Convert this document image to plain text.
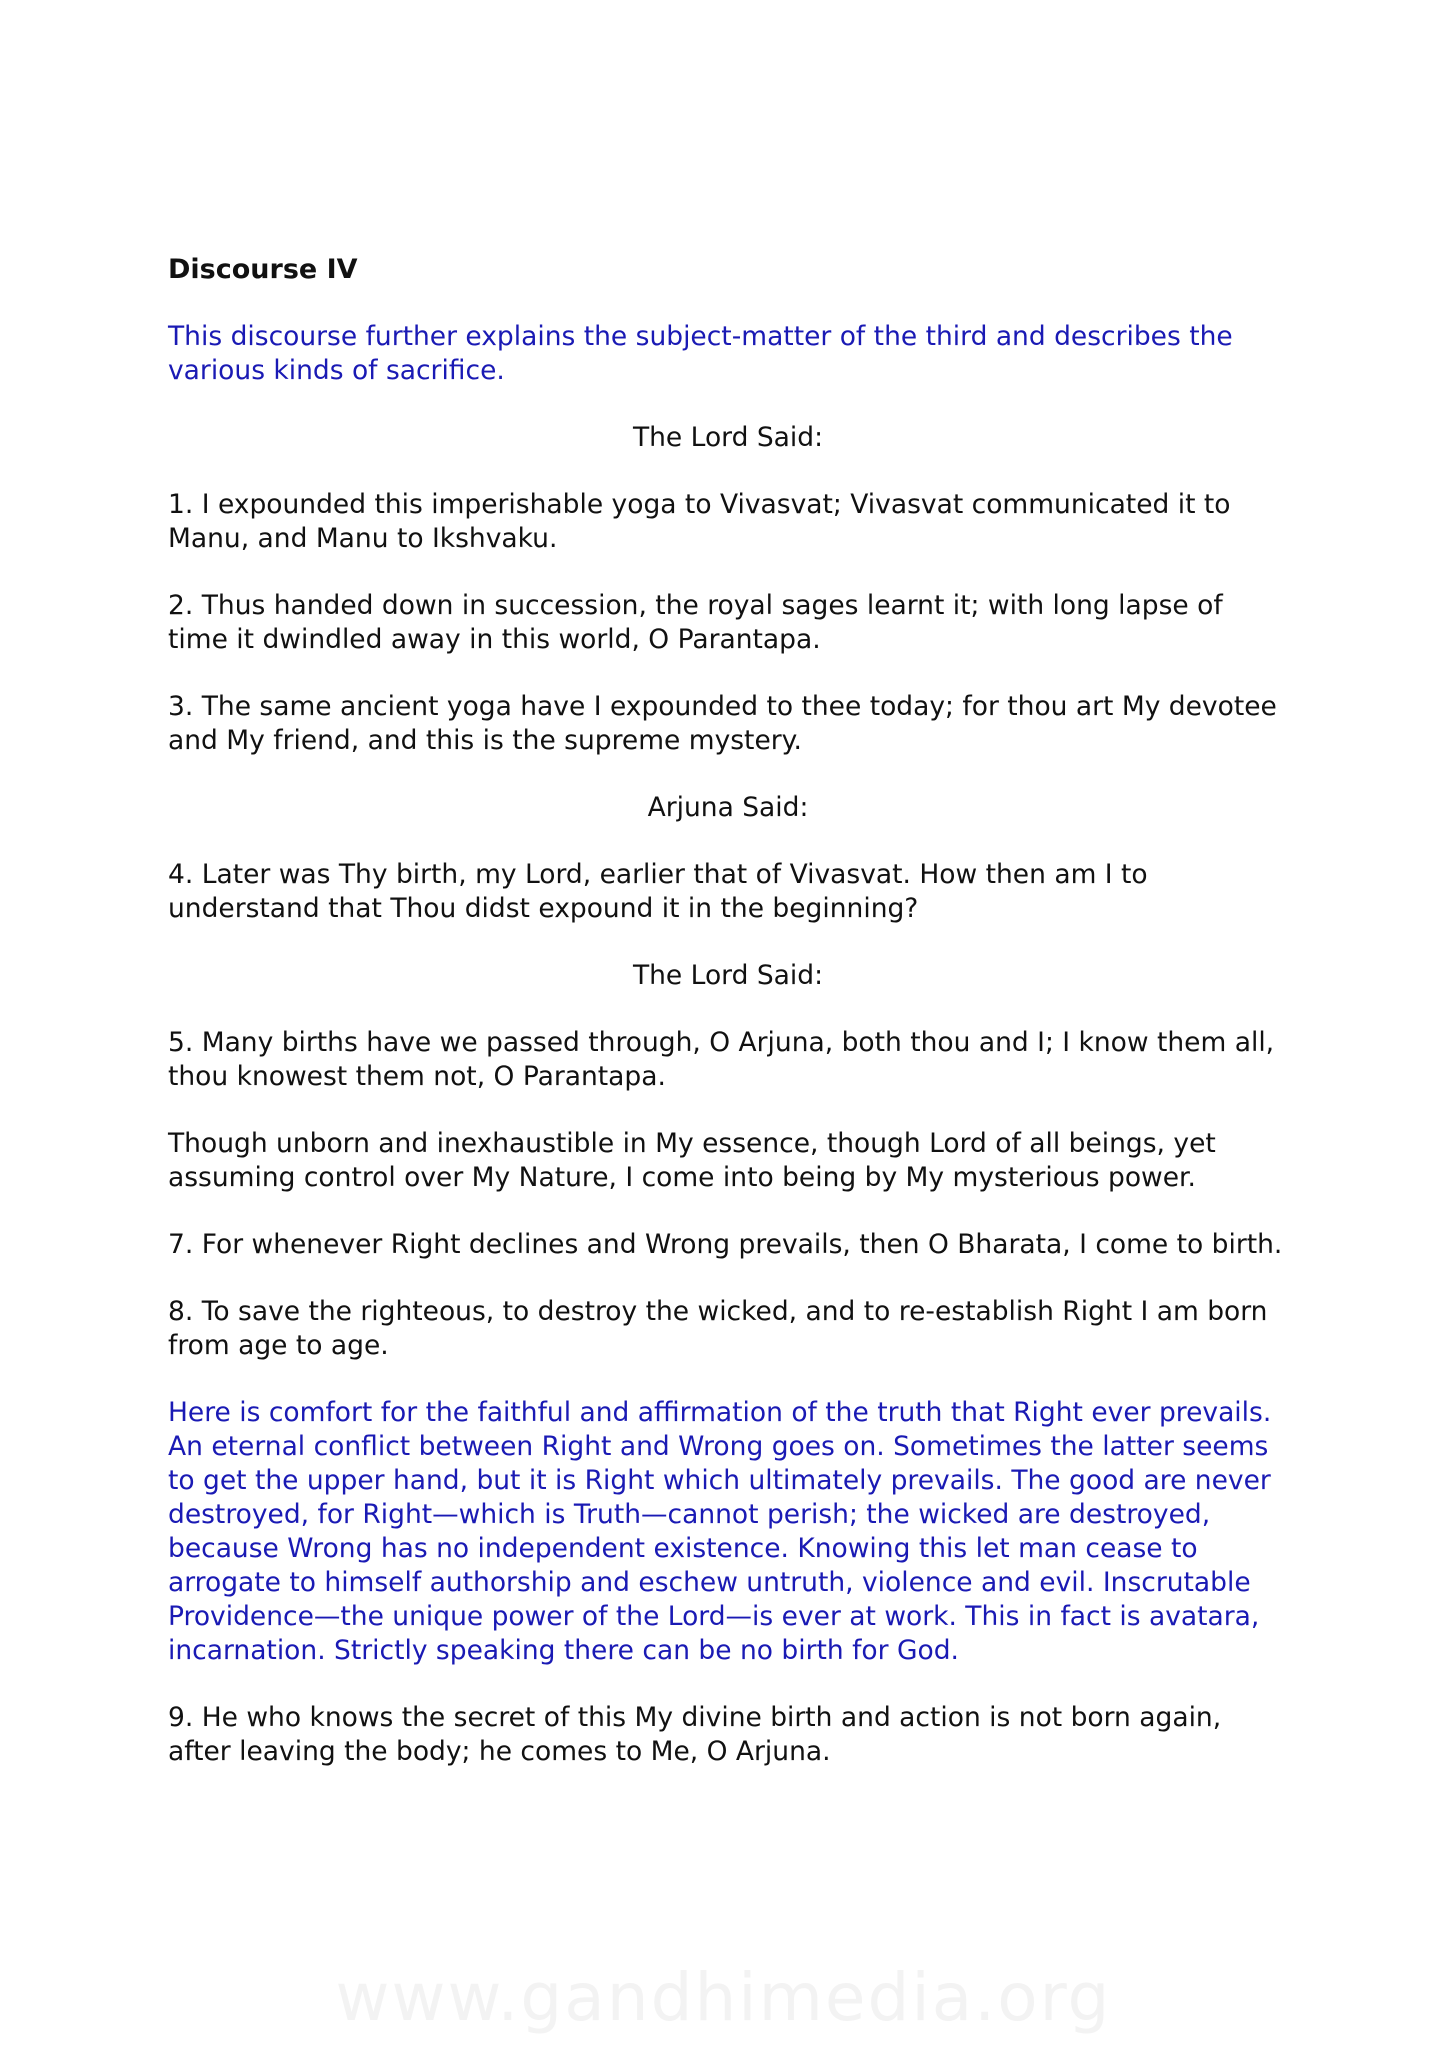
Discourse IV
This discourse further explains the subject-matter of the third and describes the various kinds of sacrifice.
The Lord Said:
1. I expounded this imperishable yoga to Vivasvat; Vivasvat communicated it to Manu, and Manu to Ikshvaku.
2. Thus handed down in succession, the royal sages learnt it; with long lapse of time it dwindled away in this world, O Parantapa.
3. The same ancient yoga have I expounded to thee today; for thou art My devotee and My friend, and this is the supreme mystery.
Arjuna Said:
4. Later was Thy birth, my Lord, earlier that of Vivasvat. How then am I to understand that Thou didst expound it in the beginning?
The Lord Said:
5. Many births have we passed through, O Arjuna, both thou and I; I know them all, thou knowest them not, O Parantapa.
Though unborn and inexhaustible in My essence, though Lord of all beings, yet assuming control over My Nature, I come into being by My mysterious power.
7. For whenever Right declines and Wrong prevails, then O Bharata, I come to birth.
8. To save the righteous, to destroy the wicked, and to re-establish Right I am born from age to age.
Here is comfort for the faithful and affirmation of the truth that Right ever prevails. An eternal conflict between Right and Wrong goes on. Sometimes the latter seems to get the upper hand, but it is Right which ultimately prevails. The good are never destroyed, for Right—which is Truth—cannot perish; the wicked are destroyed, because Wrong has no independent existence. Knowing this let man cease to arrogate to himself authorship and eschew untruth, violence and evil. Inscrutable Providence—the unique power of the Lord—is ever at work. This in fact is avatara, incarnation. Strictly speaking there can be no birth for God.
9. He who knows the secret of this My divine birth and action is not born again, after leaving the body; he comes to Me, O Arjuna.
www.gandhimedia.org
